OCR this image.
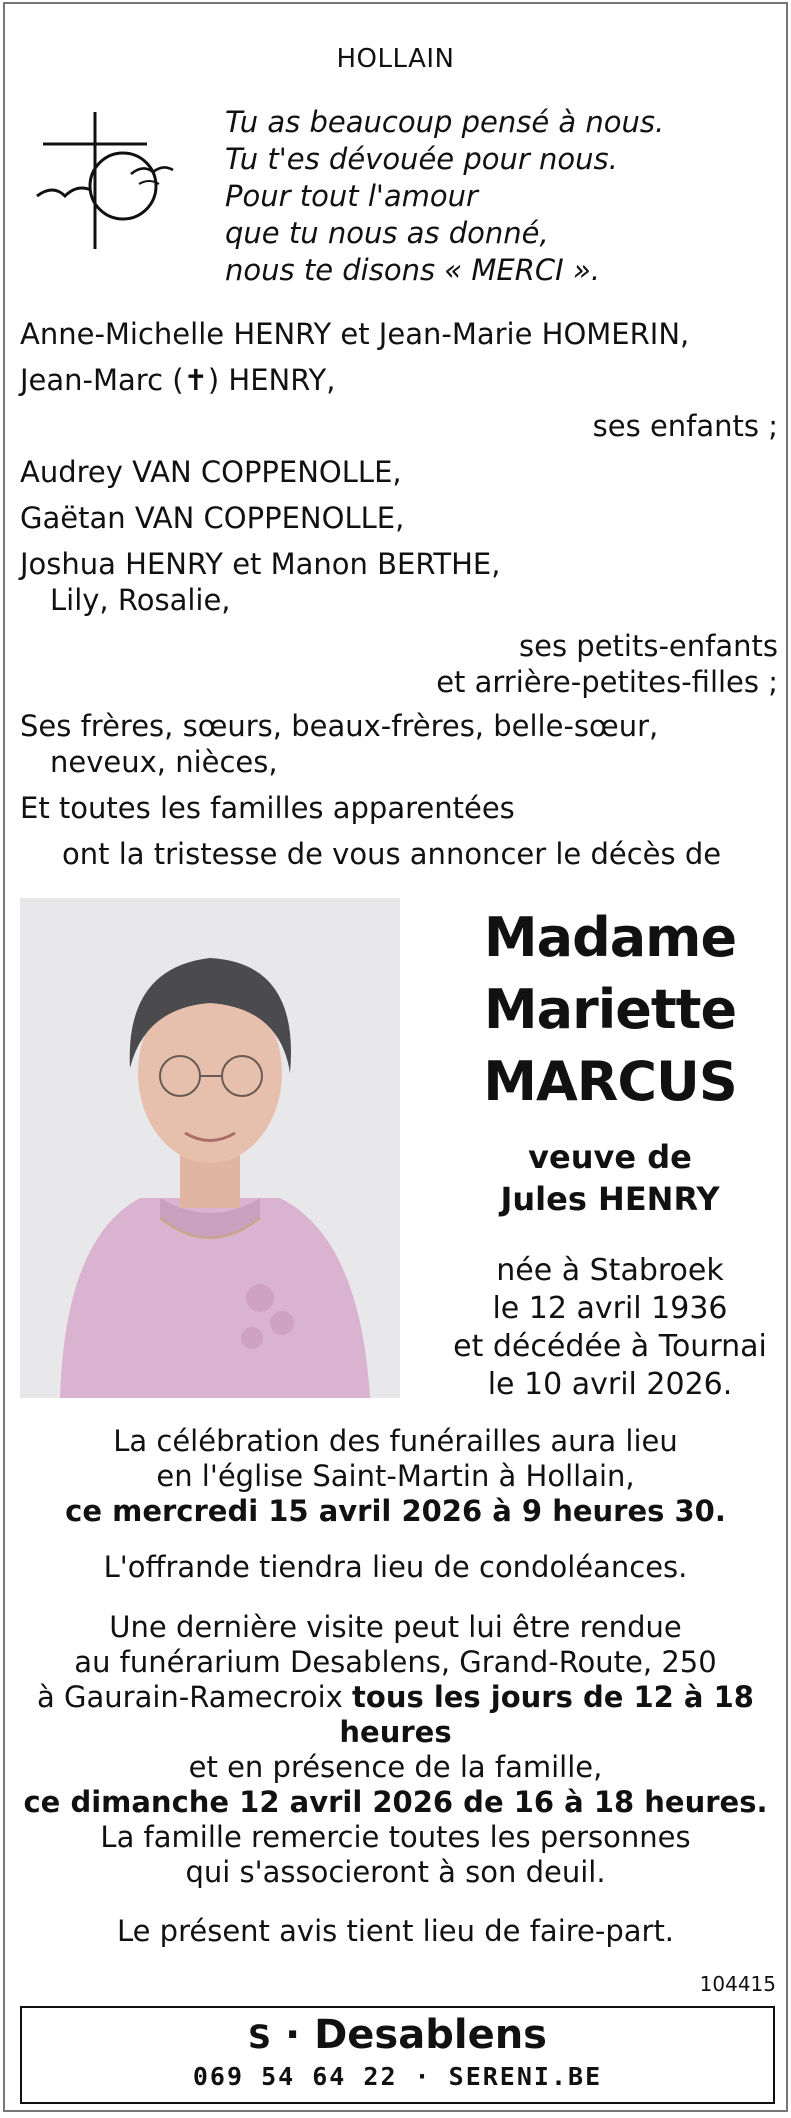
HOLLAIN
Tu as beaucoup pensé à nous.
Tu t'es dévouée pour nous.
Pour tout l'amour
que tu nous as donné,
nous te disons « MERCI ».
Anne-Michelle HENRY et Jean-Marie HOMERIN,
Jean-Marc (✝) HENRY,
ses enfants ;
Audrey VAN COPPENOLLE,
Gaëtan VAN COPPENOLLE,
Joshua HENRY et Manon BERTHE,
Lily, Rosalie,
ses petits-enfants
et arrière-petites-filles ;
Ses frères, sœurs, beaux-frères, belle-sœur,
neveux, nièces,
Et toutes les familles apparentées
ont la tristesse de vous annoncer le décès de
Madame
Mariette
MARCUS
veuve de
Jules HENRY
née à Stabroek
le 12 avril 1936
et décédée à Tournai
le 10 avril 2026.
La célébration des funérailles aura lieu
en l'église Saint-Martin à Hollain,
ce mercredi 15 avril 2026 à 9 heures 30.
L'offrande tiendra lieu de condoléances.
Une dernière visite peut lui être rendue
au funérarium Desablens, Grand-Route, 250
à Gaurain-Ramecroix tous les jours de 12 à 18 heures
et en présence de la famille,
ce dimanche 12 avril 2026 de 16 à 18 heures.
La famille remercie toutes les personnes
qui s'associeront à son deuil.
Le présent avis tient lieu de faire-part.
104415
S · Desablens
069 54 64 22 · SERENI.BE
